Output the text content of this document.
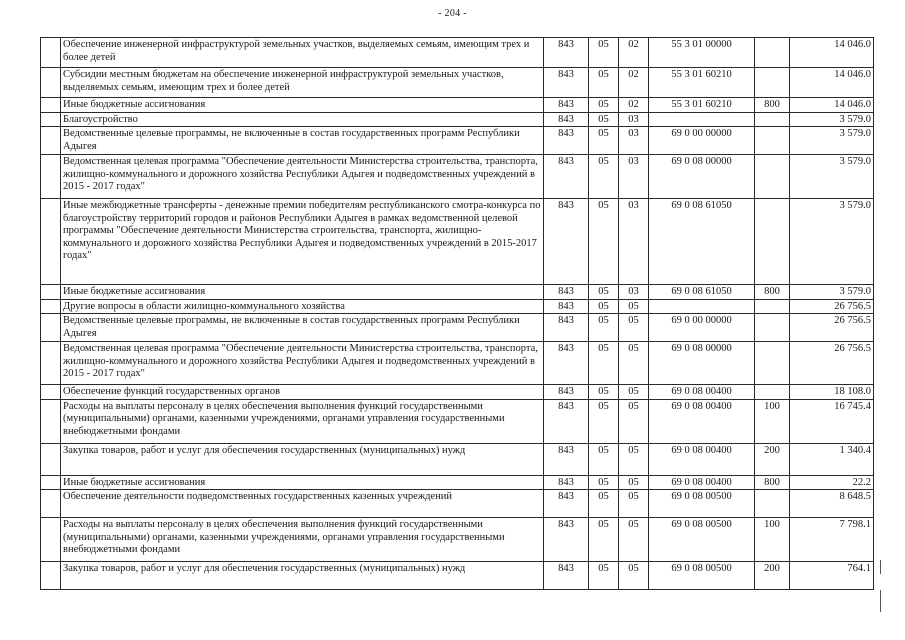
- 204 -
	Обеспечение инженерной инфраструктурой земельных участков, выделяемых семьям, имеющим трех и более детей	843	05	02	55 3 01 00000		14 046.0
	Субсидии местным бюджетам на обеспечение инженерной инфраструктурой земельных участков, выделяемых семьям, имеющим трех и более детей	843	05	02	55 3 01 60210		14 046.0
	Иные бюджетные ассигнования	843	05	02	55 3 01 60210	800	14 046.0
	Благоустройство	843	05	03			3 579.0
	Ведомственные целевые программы, не включенные в состав государственных программ Республики Адыгея	843	05	03	69 0 00 00000		3 579.0
	Ведомственная целевая программа "Обеспечение деятельности Министерства строительства, транспорта, жилищно-коммунального и дорожного хозяйства Республики Адыгея и подведомственных учреждений в 2015 - 2017 годах"	843	05	03	69 0 08 00000		3 579.0
	Иные межбюджетные трансферты - денежные премии победителям республиканского смотра-конкурса по благоустройству территорий городов и районов Республики Адыгея в рамках ведомственной целевой программы "Обеспечение деятельности Министерства строительства, транспорта, жилищно-коммунального и дорожного хозяйства Республики Адыгея и подведомственных учреждений в 2015-2017 годах"	843	05	03	69 0 08 61050		3 579.0
	Иные бюджетные ассигнования	843	05	03	69 0 08 61050	800	3 579.0
	Другие вопросы в области жилищно-коммунального хозяйства	843	05	05			26 756.5
	Ведомственные целевые программы, не включенные в состав государственных программ Республики Адыгея	843	05	05	69 0 00 00000		26 756.5
	Ведомственная целевая программа "Обеспечение деятельности Министерства строительства, транспорта, жилищно-коммунального и дорожного хозяйства Республики Адыгея и подведомственных учреждений в 2015 - 2017 годах"	843	05	05	69 0 08 00000		26 756.5
	Обеспечение функций государственных органов	843	05	05	69 0 08 00400		18 108.0
	Расходы на выплаты персоналу в целях обеспечения выполнения функций государственными (муниципальными) органами, казенными учреждениями, органами управления государственными внебюджетными фондами	843	05	05	69 0 08 00400	100	16 745.4
	Закупка товаров, работ и услуг для обеспечения государственных (муниципальных) нужд	843	05	05	69 0 08 00400	200	1 340.4
	Иные бюджетные ассигнования	843	05	05	69 0 08 00400	800	22.2
	Обеспечение деятельности подведомственных государственных казенных учреждений	843	05	05	69 0 08 00500		8 648.5
	Расходы на выплаты персоналу в целях обеспечения выполнения функций государственными (муниципальными) органами, казенными учреждениями, органами управления государственными внебюджетными фондами	843	05	05	69 0 08 00500	100	7 798.1
	Закупка товаров, работ и услуг для обеспечения государственных (муниципальных) нужд	843	05	05	69 0 08 00500	200	764.1
